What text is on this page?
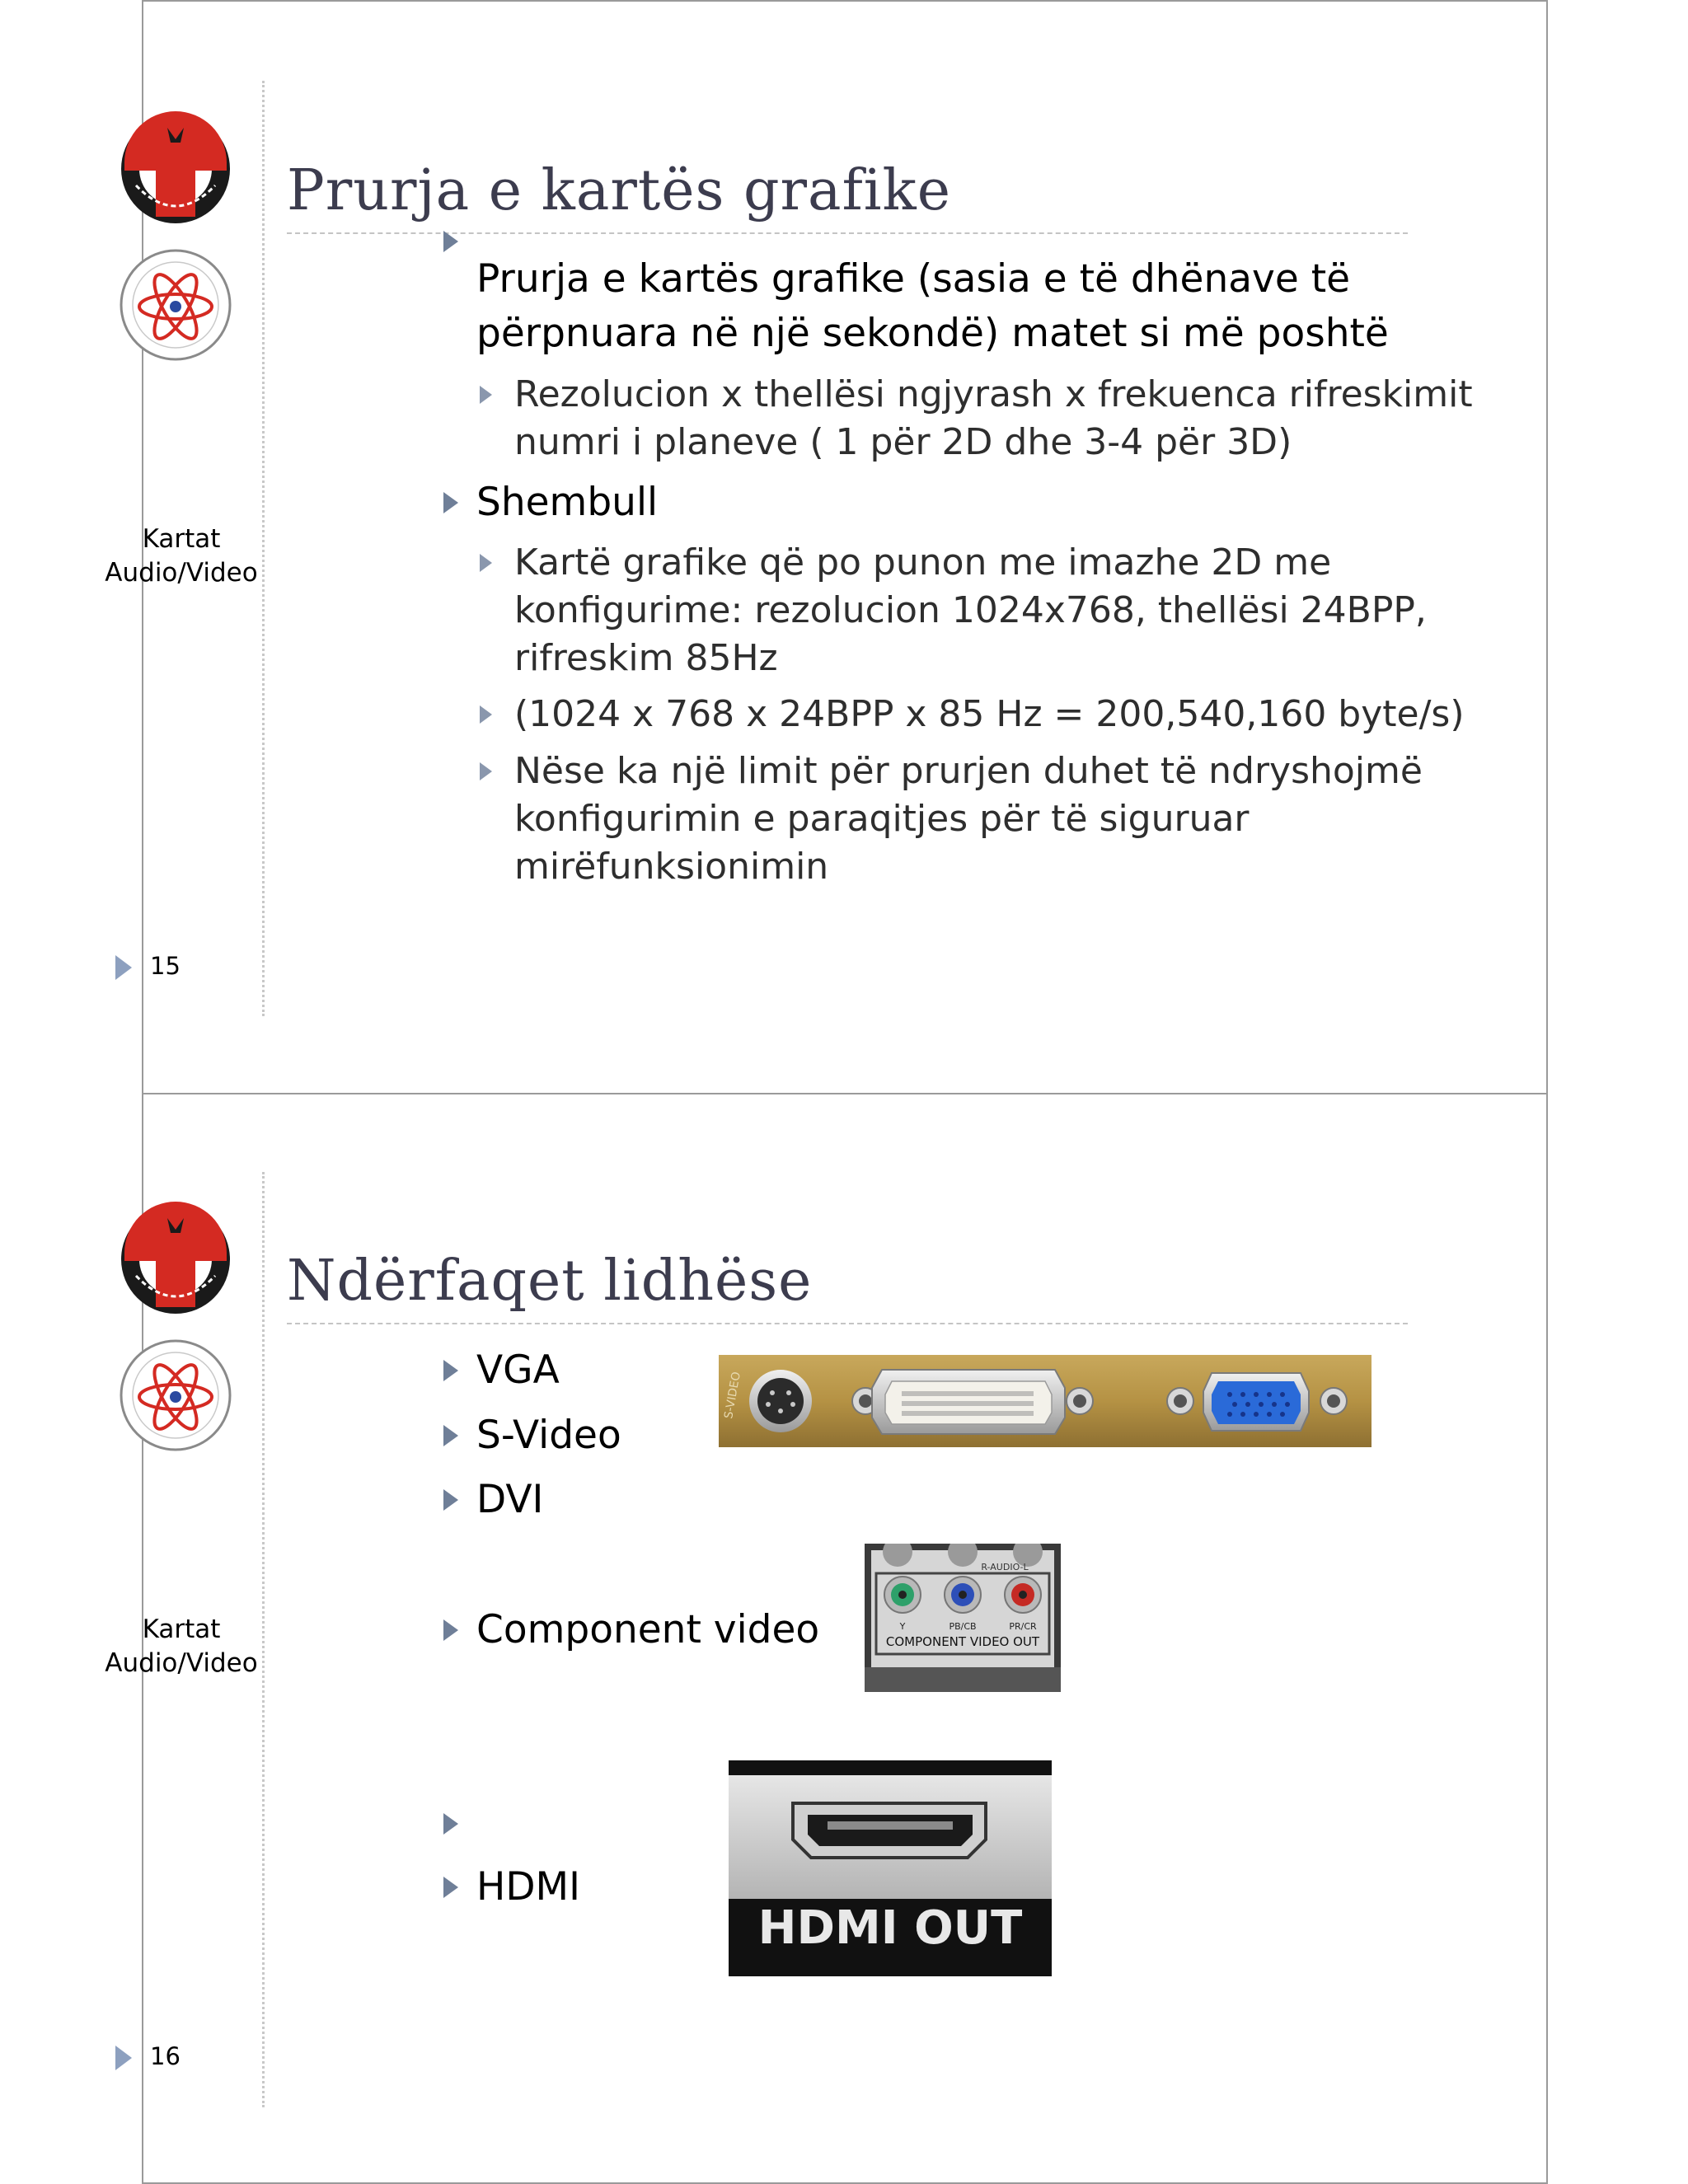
Kartat
Audio/Video
15
Prurja e kartës grafike
Prurja e kartës grafike (sasia e të dhënave të
përpnuara në një sekondë) matet si më poshtë
Rezolucion x thellësi ngjyrash x frekuenca rifreskimit
numri i planeve ( 1 për 2D dhe 3-4 për 3D)
Shembull
Kartë grafike që po punon me imazhe 2D me
konfigurime: rezolucion 1024x768, thellësi 24BPP,
rifreskim 85Hz
(1024 x 768 x 24BPP x 85 Hz = 200,540,160 byte/s)
Nëse ka një limit për prurjen duhet të ndryshojmë
konfigurimin e paraqitjes për të siguruar
mirëfunksionimin
Kartat
Audio/Video
16
Ndërfaqet lidhëse
VGA
S-Video
DVI
Component video
HDMI
S-VIDEO
R-AUDIO-L
Y	PB/CB	PR/CR
COMPONENT VIDEO OUT
HDMI OUT
